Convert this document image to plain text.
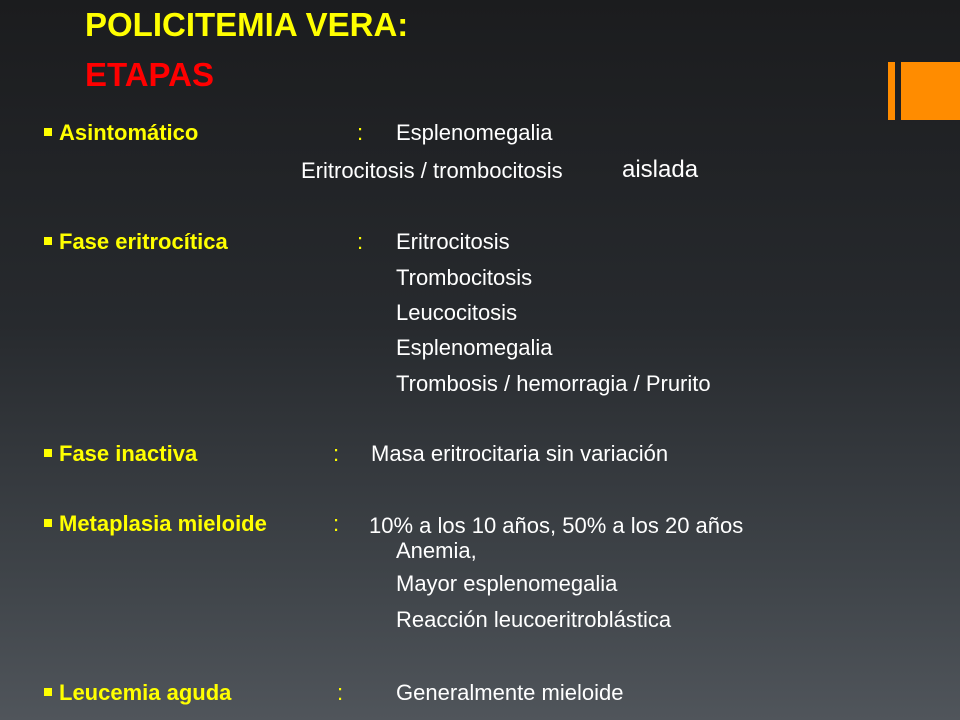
POLICITEMIA VERA:
ETAPAS
Asintomático	: Esplenomegalia
Eritrocitosis / trombocitosis aislada
Fase eritrocítica	: Eritrocitosis
Trombocitosis
Leucocitosis
Esplenomegalia
Trombosis / hemorragia / Prurito
Fase inactiva	: Masa eritrocitaria sin variación
Metaplasia mieloide	: 10% a los 10 años, 50% a los 20 años
Anemia,
Mayor esplenomegalia
Reacción leucoeritroblástica
Leucemia aguda	: Generalmente mieloide
